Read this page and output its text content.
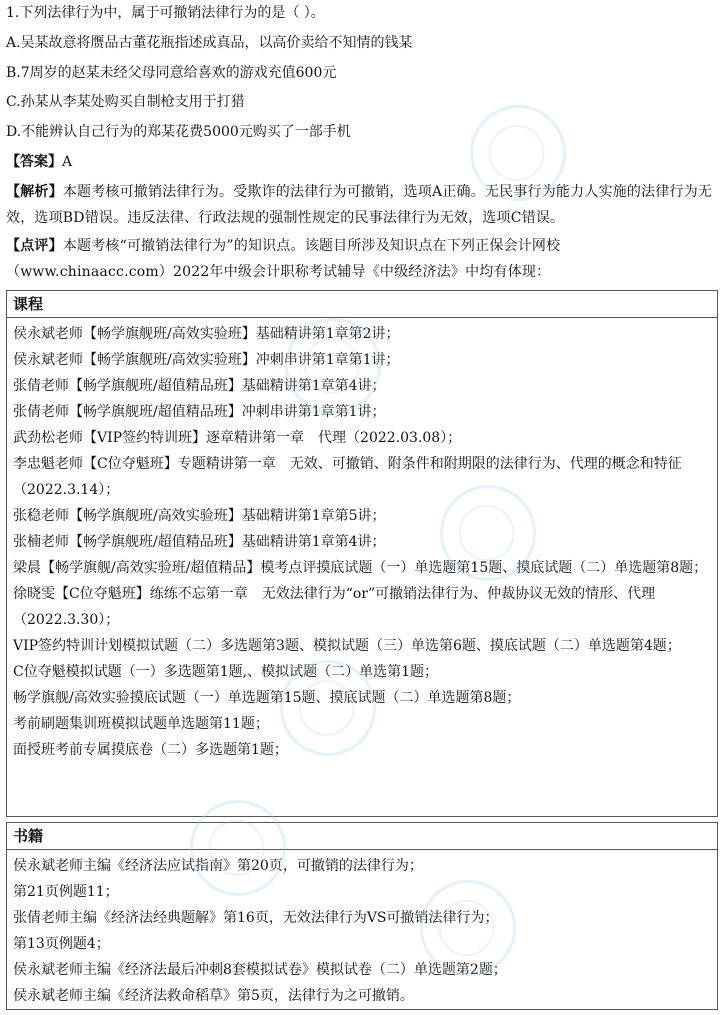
1.下列法律行为中，属于可撤销法律行为的是（ ）。
A.吴某故意将赝品古董花瓶指述成真品，以高价卖给不知情的钱某
B.7周岁的赵某未经父母同意给喜欢的游戏充值600元
C.孙某从李某处购买自制枪支用于打猎
D.不能辨认自己行为的郑某花费5000元购买了一部手机
【答案】A
【解析】本题考核可撤销法律行为。受欺诈的法律行为可撤销，选项A正确。无民事行为能力人实施的法律行为无效，选项BD错误。违反法律、行政法规的强制性规定的民事法律行为无效，选项C错误。
【点评】本题考核“可撤销法律行为”的知识点。该题目所涉及知识点在下列正保会计网校（www.chinaacc.com）2022年中级会计职称考试辅导《中级经济法》中均有体现：
课程
侯永斌老师【畅学旗舰班/高效实验班】基础精讲第1章第2讲；
侯永斌老师【畅学旗舰班/高效实验班】冲刺串讲第1章第1讲；
张倩老师【畅学旗舰班/超值精品班】基础精讲第1章第4讲；
张倩老师【畅学旗舰班/超值精品班】冲刺串讲第1章第1讲；
武劲松老师【VIP签约特训班】逐章精讲第一章　代理（2022.03.08）；
李忠魁老师【C位夺魁班】专题精讲第一章　无效、可撤销、附条件和附期限的法律行为、代理的概念和特征（2022.3.14）；
张稳老师【畅学旗舰班/高效实验班】基础精讲第1章第5讲；
张楠老师【畅学旗舰班/超值精品班】基础精讲第1章第4讲；
梁晨【畅学旗舰/高效实验班/超值精品】模考点评摸底试题（一）单选题第15题、摸底试题（二）单选题第8题；
徐晓雯【C位夺魁班】练练不忘第一章　无效法律行为“or”可撤销法律行为、仲裁协议无效的情形、代理（2022.3.30）；
VIP签约特训计划模拟试题（二）多选题第3题、模拟试题（三）单选第6题、摸底试题（二）单选题第4题；
C位夺魁模拟试题（一）多选题第1题,、模拟试题（二）单选第1题；
畅学旗舰/高效实验摸底试题（一）单选题第15题、摸底试题（二）单选题第8题；
考前刷题集训班模拟试题单选题第11题；
面授班考前专属摸底卷（二）多选题第1题；
书籍
侯永斌老师主编《经济法应试指南》第20页，可撤销的法律行为；
第21页例题11；
张倩老师主编《经济法经典题解》第16页，无效法律行为VS可撤销法律行为；
第13页例题4；
侯永斌老师主编《经济法最后冲刺8套模拟试卷》模拟试卷（二）单选题第2题；
侯永斌老师主编《经济法救命稻草》第5页，法律行为之可撤销。
